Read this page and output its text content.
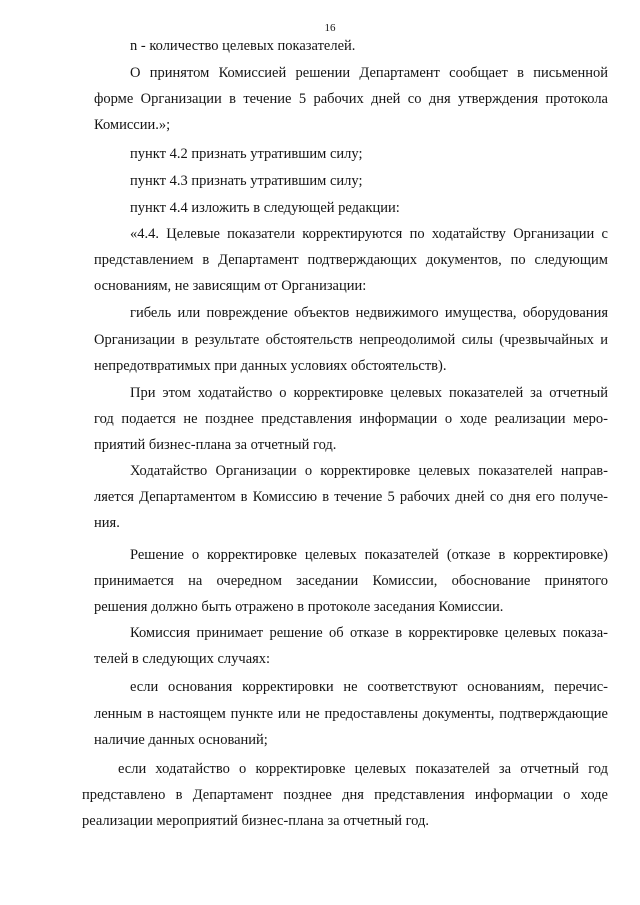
16
n - количество целевых показателей.
О принятом Комиссией решении Департамент сообщает в письменной
форме Организации в течение 5 рабочих дней со дня утверждения протокола
Комиссии.»;
пункт 4.2 признать утратившим силу;
пункт 4.3 признать утратившим силу;
пункт 4.4 изложить в следующей редакции:
«4.4. Целевые показатели корректируются по ходатайству Организации с
представлением в Департамент подтверждающих документов, по следующим
основаниям, не зависящим от Организации:
гибель или повреждение объектов недвижимого имущества, оборудования
Организации в результате обстоятельств непреодолимой силы (чрезвычайных и
непредотвратимых при данных условиях обстоятельств).
При этом ходатайство о корректировке целевых показателей за отчетный
год подается не позднее представления информации о ходе реализации меро-
приятий бизнес-плана за отчетный год.
Ходатайство Организации о корректировке целевых показателей направ-
ляется Департаментом в Комиссию в течение 5 рабочих дней со дня его получе-
ния.
Решение о корректировке целевых показателей (отказе в корректировке)
принимается на очередном заседании Комиссии, обоснование принятого
решения должно быть отражено в протоколе заседания Комиссии.
Комиссия принимает решение об отказе в корректировке целевых показа-
телей в следующих случаях:
если основания корректировки не соответствуют основаниям, перечис-
ленным в настоящем пункте или не предоставлены документы, подтверждающие
наличие данных оснований;
если ходатайство о корректировке целевых показателей за отчетный год
представлено в Департамент позднее дня представления информации о ходе
реализации мероприятий бизнес-плана за отчетный год.
